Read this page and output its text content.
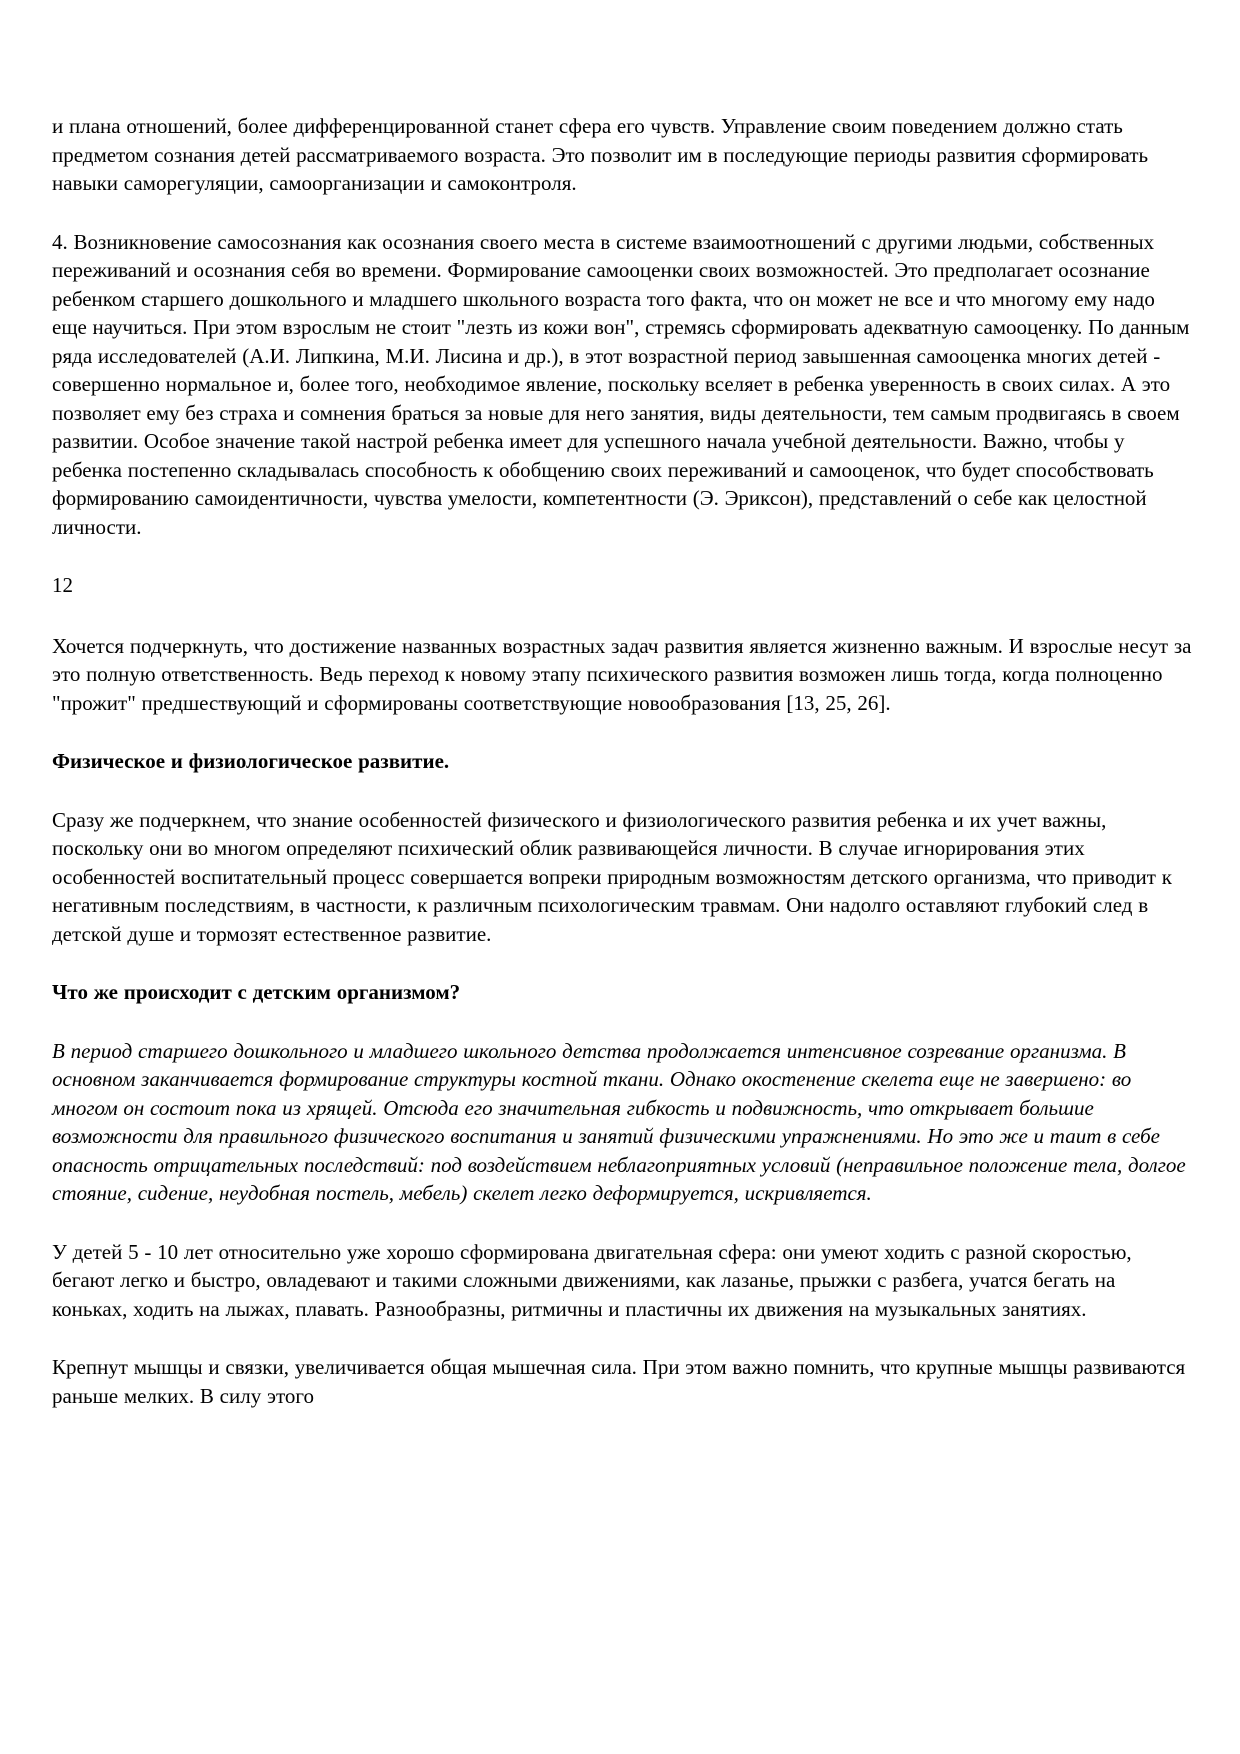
и плана отношений, более дифференцированной станет сфера его чувств. Управление своим поведением должно стать предметом сознания детей рассматриваемого возраста. Это позволит им в последующие периоды развития сформировать навыки саморегуляции, самоорганизации и самоконтроля.

4. Возникновение самосознания как осознания своего места в системе взаимоотношений с другими людьми, собственных переживаний и осознания себя во времени. Формирование самооценки своих возможностей. Это предполагает осознание ребенком старшего дошкольного и младшего школьного возраста того факта, что он может не все и что многому ему надо еще научиться. При этом взрослым не стоит "лезть из кожи вон", стремясь сформировать адекватную самооценку. По данным ряда исследователей (А.И. Липкина, М.И. Лисина и др.), в этот возрастной период завышенная самооценка многих детей - совершенно нормальное и, более того, необходимое явление, поскольку вселяет в ребенка уверенность в своих силах. А это позволяет ему без страха и сомнения браться за новые для него занятия, виды деятельности, тем самым продвигаясь в своем развитии. Особое значение такой настрой ребенка имеет для успешного начала учебной деятельности. Важно, чтобы у ребенка постепенно складывалась способность к обобщению своих переживаний и самооценок, что будет способствовать формированию самоидентичности, чувства умелости, компетентности (Э. Эриксон), представлений о себе как целостной личности.

12

Хочется подчеркнуть, что достижение названных возрастных задач развития является жизненно важным. И взрослые несут за это полную ответственность. Ведь переход к новому этапу психического развития возможен лишь тогда, когда полноценно "прожит" предшествующий и сформированы соответствующие новообразования [13, 25, 26].

Физическое и физиологическое развитие.

Сразу же подчеркнем, что знание особенностей физического и физиологического развития ребенка и их учет важны, поскольку они во многом определяют психический облик развивающейся личности. В случае игнорирования этих особенностей воспитательный процесс совершается вопреки природным возможностям детского организма, что приводит к негативным последствиям, в частности, к различным психологическим травмам. Они надолго оставляют глубокий след в детской душе и тормозят естественное развитие.

Что же происходит с детским организмом?

В период старшего дошкольного и младшего школьного детства продолжается интенсивное созревание организма. В основном заканчивается формирование структуры костной ткани. Однако окостенение скелета еще не завершено: во многом он состоит пока из хрящей. Отсюда его значительная гибкость и подвижность, что открывает большие возможности для правильного физического воспитания и занятий физическими упражнениями. Но это же и таит в себе опасность отрицательных последствий: под воздействием неблагоприятных условий (неправильное положение тела, долгое стояние, сидение, неудобная постель, мебель) скелет легко деформируется, искривляется.

У детей 5 - 10 лет относительно уже хорошо сформирована двигательная сфера: они умеют ходить с разной скоростью, бегают легко и быстро, овладевают и такими сложными движениями, как лазанье, прыжки с разбега, учатся бегать на коньках, ходить на лыжах, плавать. Разнообразны, ритмичны и пластичны их движения на музыкальных занятиях.

Крепнут мышцы и связки, увеличивается общая мышечная сила. При этом важно помнить, что крупные мышцы развиваются раньше мелких. В силу этого
